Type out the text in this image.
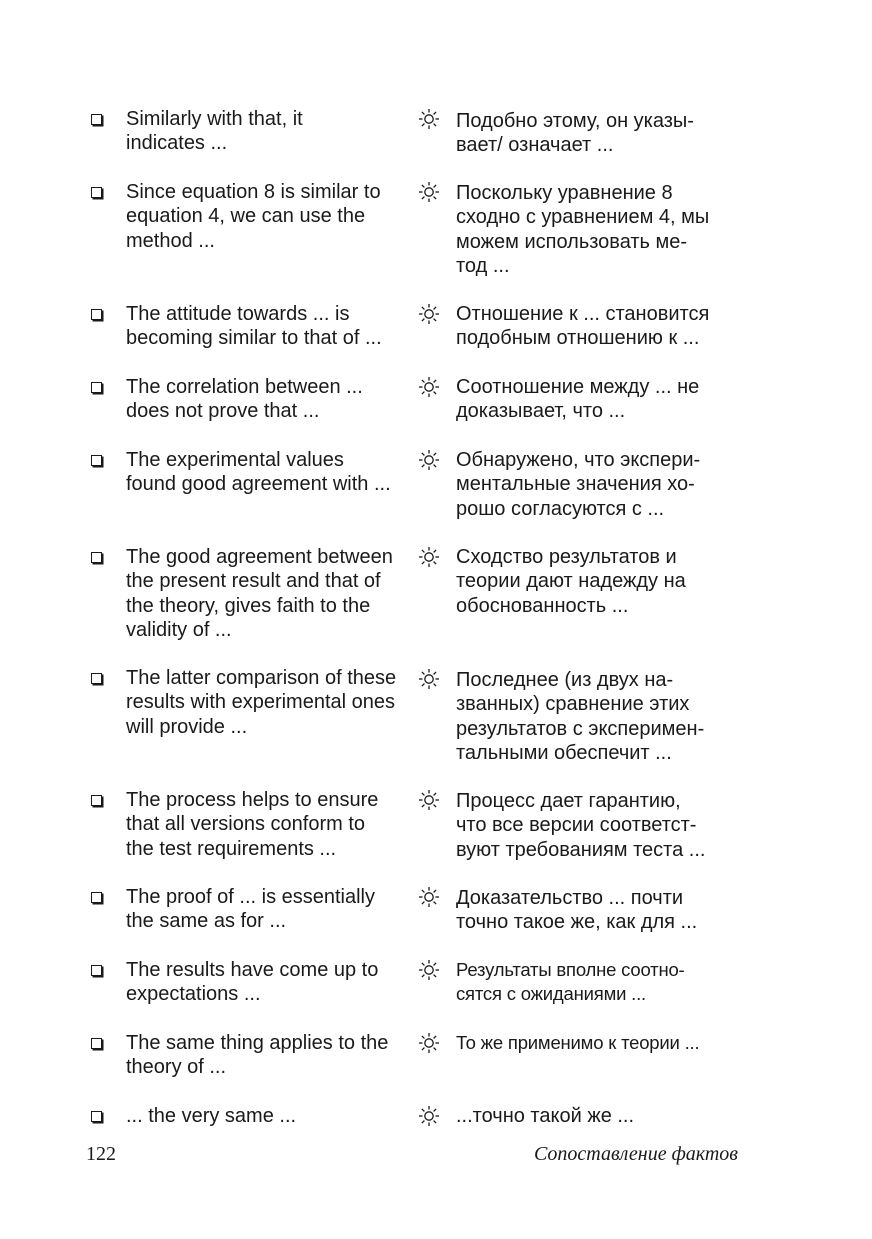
Similarly with that, it
indicates ...

Подобно этому, он указы-
вает/ означает ...

Since equation 8 is similar to
equation 4, we can use the
method ...

Поскольку уравнение 8
сходно с уравнением 4, мы
можем использовать ме-
тод ...

The attitude towards ... is
becoming similar to that of ...

Отношение к ... становится
подобным отношению к ...

The correlation between ...
does not prove that ...

Соотношение между ... не
доказывает, что ...

The experimental values
found good agreement with ...

Обнаружено, что экспери-
ментальные значения хо-
рошо согласуются с ...

The good agreement between
the present result and that of
the theory, gives faith to the
validity of ...

Сходство результатов и
теории дают надежду на
обоснованность ...

The latter comparison of these
results with experimental ones
will provide ...

Последнее (из двух на-
званных) сравнение этих
результатов с эксперимен-
тальными обеспечит ...

The process helps to ensure
that all versions conform to
the test requirements ...

Процесс дает гарантию,
что все версии соответст-
вуют требованиям теста ...

The proof of ... is essentially
the same as for ...

Доказательство ... почти
точно такое же, как для ...

The results have come up to
expectations ...

Результаты вполне соотно-
сятся с ожиданиями ...

The same thing applies to the
theory of ...

То же применимо к теории ...

... the very same ...	...точно такой же ...

122	Сопоставление фактов
